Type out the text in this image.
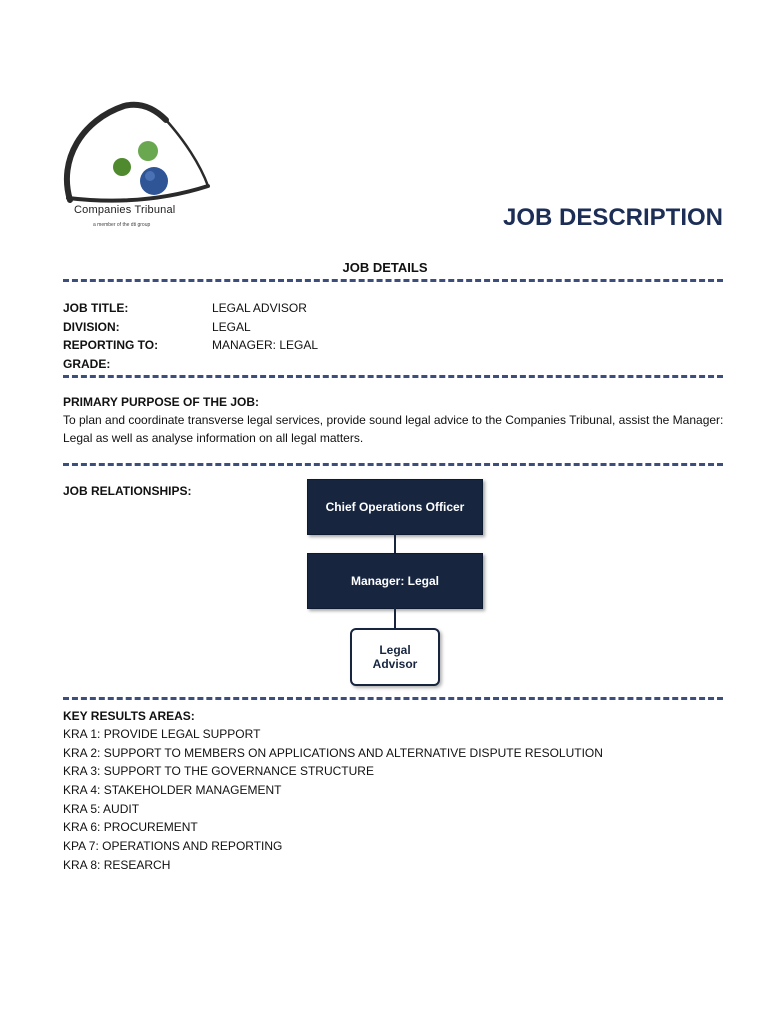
Companies Tribunal
a member of the dti group	JOB DESCRIPTION
JOB DETAILS
JOB TITLE:	LEGAL ADVISOR
DIVISION:	LEGAL
REPORTING TO:	MANAGER: LEGAL
GRADE:
PRIMARY PURPOSE OF THE JOB:
To plan and coordinate transverse legal services, provide sound legal advice to the Companies Tribunal, assist the Manager: Legal as well as analyse information on all legal matters.
JOB RELATIONSHIPS:
Chief Operations Officer
Manager: Legal
Legal Advisor
KEY RESULTS AREAS:
KRA 1: PROVIDE LEGAL SUPPORT
KRA 2: SUPPORT TO MEMBERS ON APPLICATIONS AND ALTERNATIVE DISPUTE RESOLUTION
KRA 3: SUPPORT TO THE GOVERNANCE STRUCTURE
KRA 4: STAKEHOLDER MANAGEMENT
KRA 5: AUDIT
KRA 6: PROCUREMENT
KPA 7: OPERATIONS AND REPORTING
KRA 8: RESEARCH
